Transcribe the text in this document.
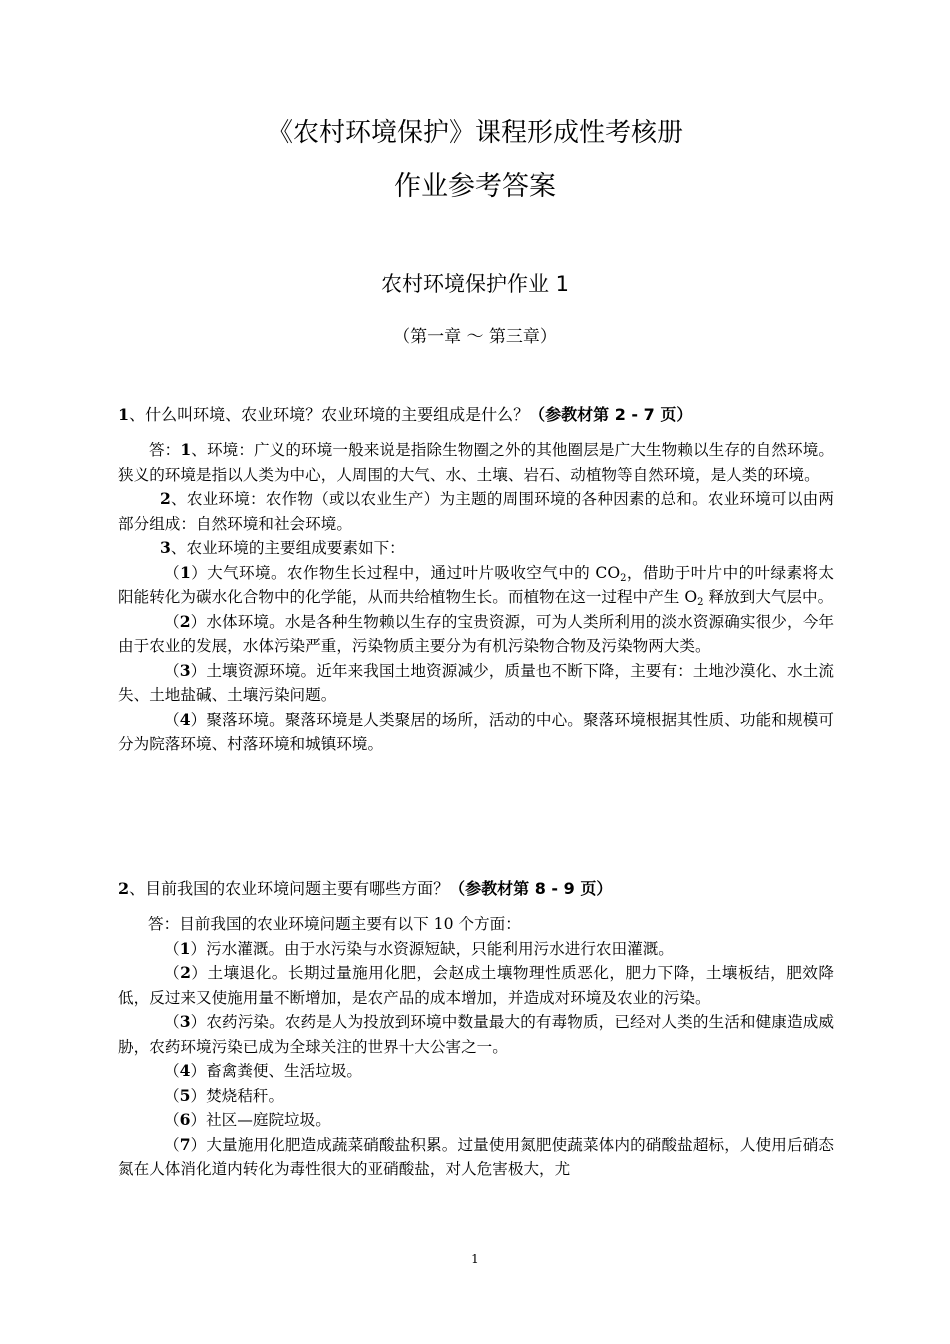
《农村环境保护》课程形成性考核册
作业参考答案
农村环境保护作业 1
（第一章 ～ 第三章）
1、什么叫环境、农业环境？农业环境的主要组成是什么？（参教材第 2 - 7 页）

答：1、环境：广义的环境一般来说是指除生物圈之外的其他圈层是广大生物赖以生存的自然环境。狭义的环境是指以人类为中心，人周围的大气、水、土壤、岩石、动植物等自然环境，是人类的环境。

2、农业环境：农作物（或以农业生产）为主题的周围环境的各种因素的总和。农业环境可以由两部分组成：自然环境和社会环境。

3、农业环境的主要组成要素如下：

（1）大气环境。农作物生长过程中，通过叶片吸收空气中的 $CO_2$，借助于叶片中的叶绿素将太阳能转化为碳水化合物中的化学能，从而共给植物生长。而植物在这一过程中产生 $O_2$ 释放到大气层中。

（2）水体环境。水是各种生物赖以生存的宝贵资源，可为人类所利用的淡水资源确实很少，今年由于农业的发展，水体污染严重，污染物质主要分为有机污染物合物及污染物两大类。

（3）土壤资源环境。近年来我国土地资源减少，质量也不断下降，主要有：土地沙漠化、水土流失、土地盐碱、土壤污染问题。

（4）聚落环境。聚落环境是人类聚居的场所，活动的中心。聚落环境根据其性质、功能和规模可分为院落环境、村落环境和城镇环境。

2、目前我国的农业环境问题主要有哪些方面？（参教材第 8 - 9 页）

答：目前我国的农业环境问题主要有以下 10 个方面：

（1）污水灌溉。由于水污染与水资源短缺，只能利用污水进行农田灌溉。

（2）土壤退化。长期过量施用化肥，会赵成土壤物理性质恶化，肥力下降，土壤板结，肥效降低，反过来又使施用量不断增加，是农产品的成本增加，并造成对环境及农业的污染。

（3）农药污染。农药是人为投放到环境中数量最大的有毒物质，已经对人类的生活和健康造成威胁，农药环境污染已成为全球关注的世界十大公害之一。

（4）畜禽粪便、生活垃圾。

（5）焚烧秸秆。

（6）社区—庭院垃圾。

（7）大量施用化肥造成蔬菜硝酸盐积累。过量使用氮肥使蔬菜体内的硝酸盐超标，人使用后硝态氮在人体消化道内转化为毒性很大的亚硝酸盐，对人危害极大，尤

1
